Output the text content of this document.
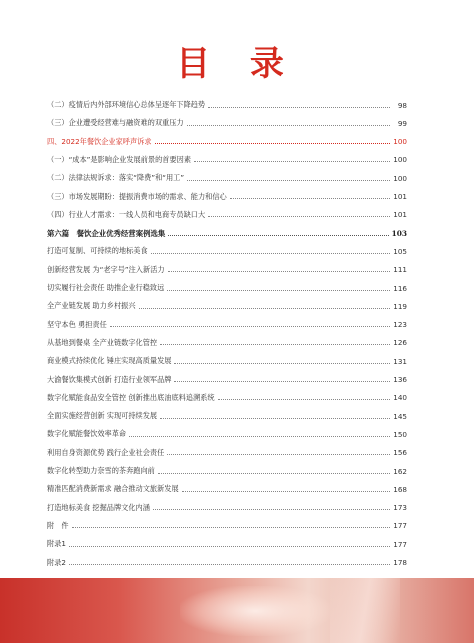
目 录
（二）疫情后内外部环境信心总体呈逐年下降趋势	98
（三）企业遭受经营难与融资难的双重压力	99
四、2022年餐饮企业家呼声诉求	100
（一）“成本”是影响企业发展前景的首要因素	100
（二）法律法规诉求：落实“降费”和“用工”	100
（三）市场发展期盼：提振消费市场的需求、能力和信心	101
（四）行业人才需求：一线人员和电商专员缺口大	101
第六篇　餐饮企业优秀经营案例选集	103
打造可复制、可持续的地标美食	105
创新经营发展 为“老字号”注入新活力	111
切实履行社会责任 助推企业行稳致远	116
全产业链发展 助力乡村振兴	119
坚守本色 勇担责任	123
从基地到餐桌 全产业链数字化管控	126
商业模式持续优化 锤庄实现高质量发展	131
大渝餐饮集模式创新 打造行业领军品牌	136
数字化赋能食品安全管控 创新推出底油底料追溯系统	140
全面实施经营创新 实现可持续发展	145
数字化赋能餐饮效率革命	150
利用自身资源优势 践行企业社会责任	156
数字化转型助力奈雪的茶奔跑向前	162
精准匹配消费新需求 融合推动文旅新发展	168
打造地标美食 挖掘品牌文化内涵	173
附　件	177
附录1	177
附录2	178
